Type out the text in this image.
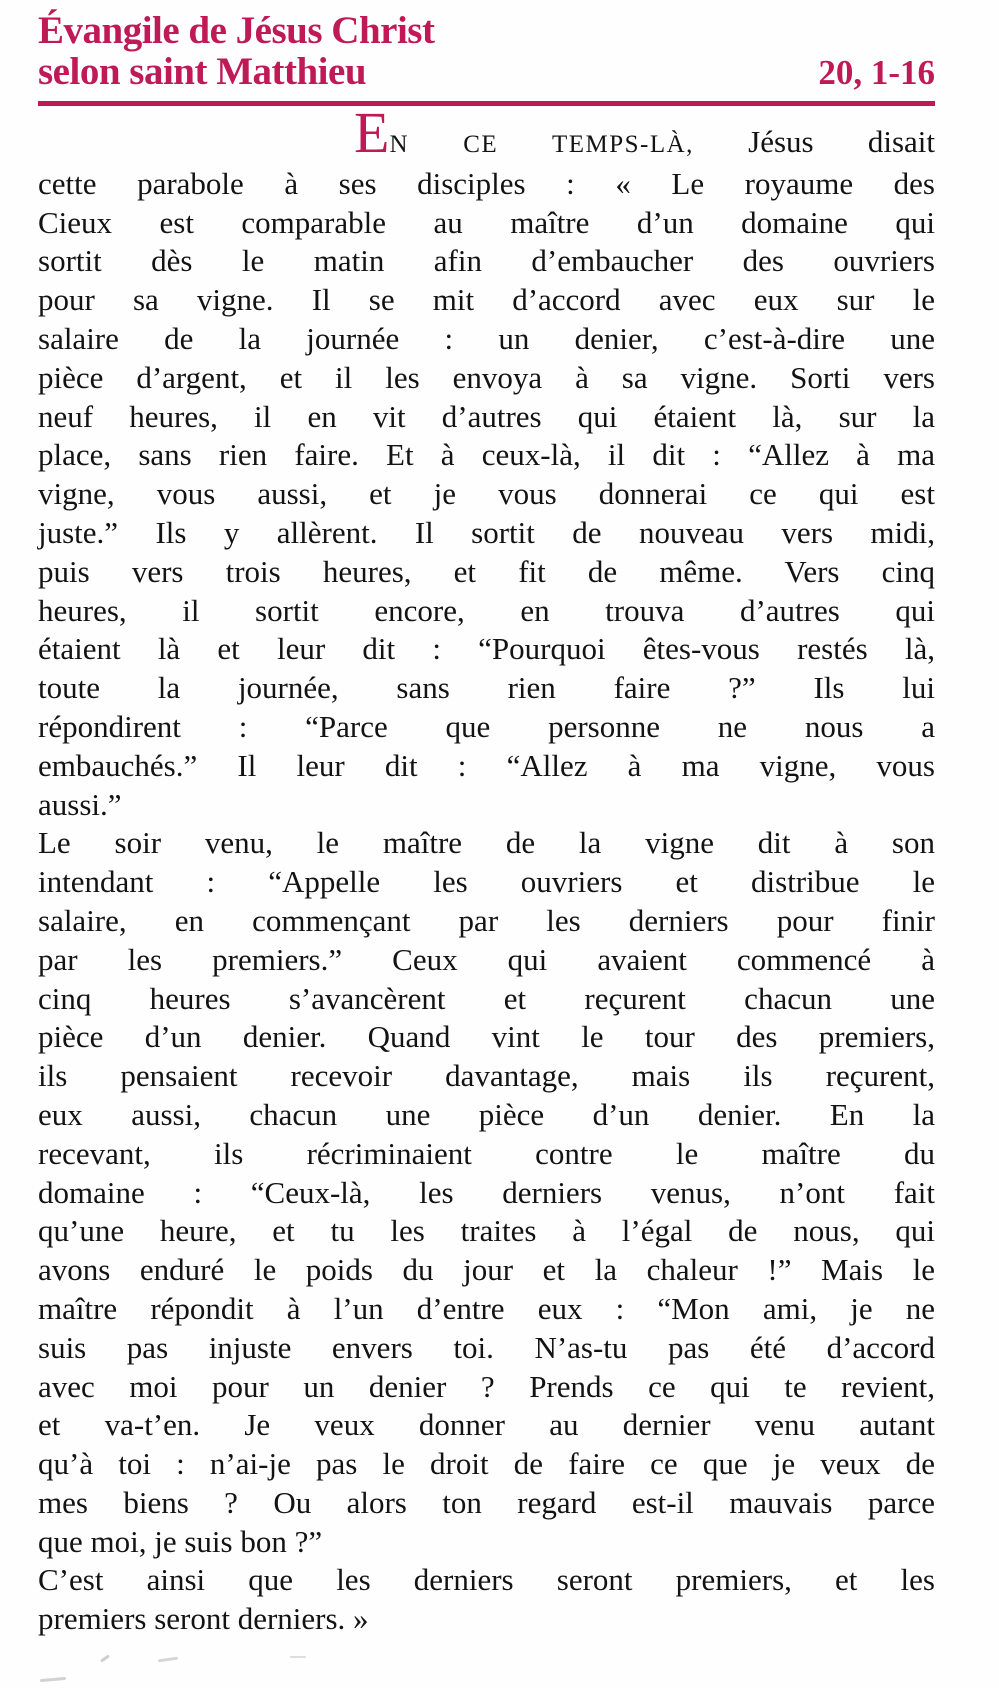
Évangile de Jésus Christ
selon saint Matthieu	20, 1-16
EN CE TEMPS-LÀ, Jésus disait
cette parabole à ses disciples : « Le royaume des
Cieux est comparable au maître d’un domaine qui
sortit dès le matin afin d’embaucher des ouvriers
pour sa vigne. Il se mit d’accord avec eux sur le
salaire de la journée : un denier, c’est-à-dire une
pièce d’argent, et il les envoya à sa vigne. Sorti vers
neuf heures, il en vit d’autres qui étaient là, sur la
place, sans rien faire. Et à ceux-là, il dit : “Allez à ma
vigne, vous aussi, et je vous donnerai ce qui est
juste.” Ils y allèrent. Il sortit de nouveau vers midi,
puis vers trois heures, et fit de même. Vers cinq
heures, il sortit encore, en trouva d’autres qui
étaient là et leur dit : “Pourquoi êtes-vous restés là,
toute la journée, sans rien faire ?” Ils lui
répondirent : “Parce que personne ne nous a
embauchés.” Il leur dit : “Allez à ma vigne, vous
aussi.”
Le soir venu, le maître de la vigne dit à son
intendant : “Appelle les ouvriers et distribue le
salaire, en commençant par les derniers pour finir
par les premiers.” Ceux qui avaient commencé à
cinq heures s’avancèrent et reçurent chacun une
pièce d’un denier. Quand vint le tour des premiers,
ils pensaient recevoir davantage, mais ils reçurent,
eux aussi, chacun une pièce d’un denier. En la
recevant, ils récriminaient contre le maître du
domaine : “Ceux-là, les derniers venus, n’ont fait
qu’une heure, et tu les traites à l’égal de nous, qui
avons enduré le poids du jour et la chaleur !” Mais le
maître répondit à l’un d’entre eux : “Mon ami, je ne
suis pas injuste envers toi. N’as-tu pas été d’accord
avec moi pour un denier ? Prends ce qui te revient,
et va-t’en. Je veux donner au dernier venu autant
qu’à toi : n’ai-je pas le droit de faire ce que je veux de
mes biens ? Ou alors ton regard est-il mauvais parce
que moi, je suis bon ?”
C’est ainsi que les derniers seront premiers, et les
premiers seront derniers. »
